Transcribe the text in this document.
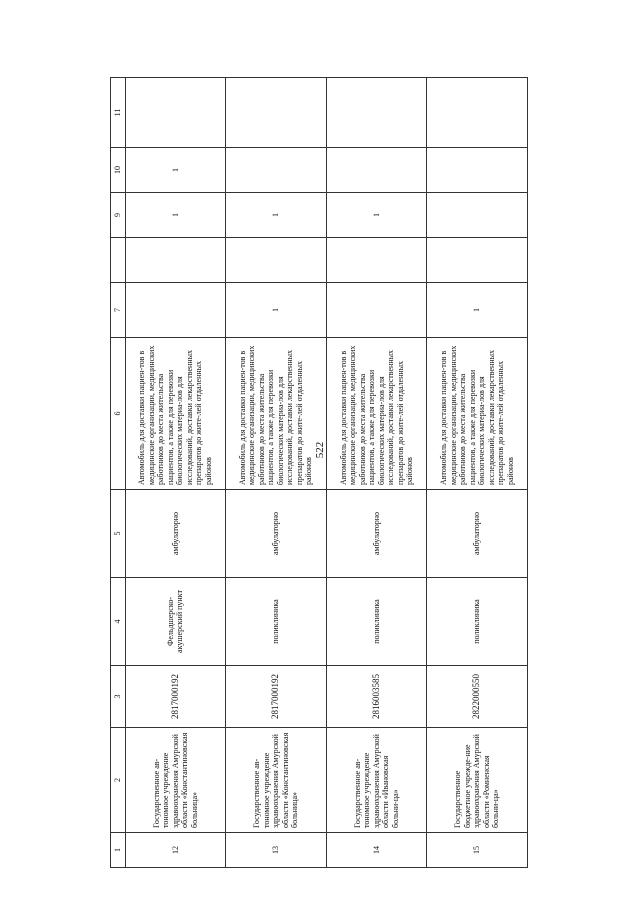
522
1	2	3	4	5	6	7		9	10	11
12	Государственное ав-тономное учреждение здравоохранения Амурской области «Константиновская больница»	2817000192	Фельдшерско-акушерский пункт	амбулаторно	Автомобиль для доставки пациен-тов в медицинские организации, медицинских работников до места жительства пациентов, а также для перевозки биологических материа-лов для исследований, доставки лекарственных препаратов до жите-лей отдаленных районов			1	1	
13	Государственное ав-тономное учреждение здравоохранения Амурской области «Константиновская больница»	2817000192	поликлиника	амбулаторно	Автомобиль для доставки пациен-тов в медицинские организации, медицинских работников до места жительства пациентов, а также для перевозки биологических материа-лов для исследований, доставки лекарственных препаратов до жите-лей отдаленных районов	1		1		
14	Государственное ав-тономное учреждение здравоохранения Амурской области «Ивановская больни-ца»	2816003585	поликлиника	амбулаторно	Автомобиль для доставки пациен-тов в медицинские организации, медицинских работников до места жительства пациентов, а также для перевозки биологических материа-лов для исследований, доставки лекарственных препаратов до жите-лей отдаленных районов			1		
15	Государственное бюджетное учрежде-ние здравоохранения Амурской области «Ромненская больни-ца»	2822000550	поликлиника	амбулаторно	Автомобиль для доставки пациен-тов в медицинские организации, медицинских работников до места жительства пациентов, а также для перевозки биологических материа-лов для исследований, доставки лекарственных препаратов до жите-лей отдаленных районов	1				
